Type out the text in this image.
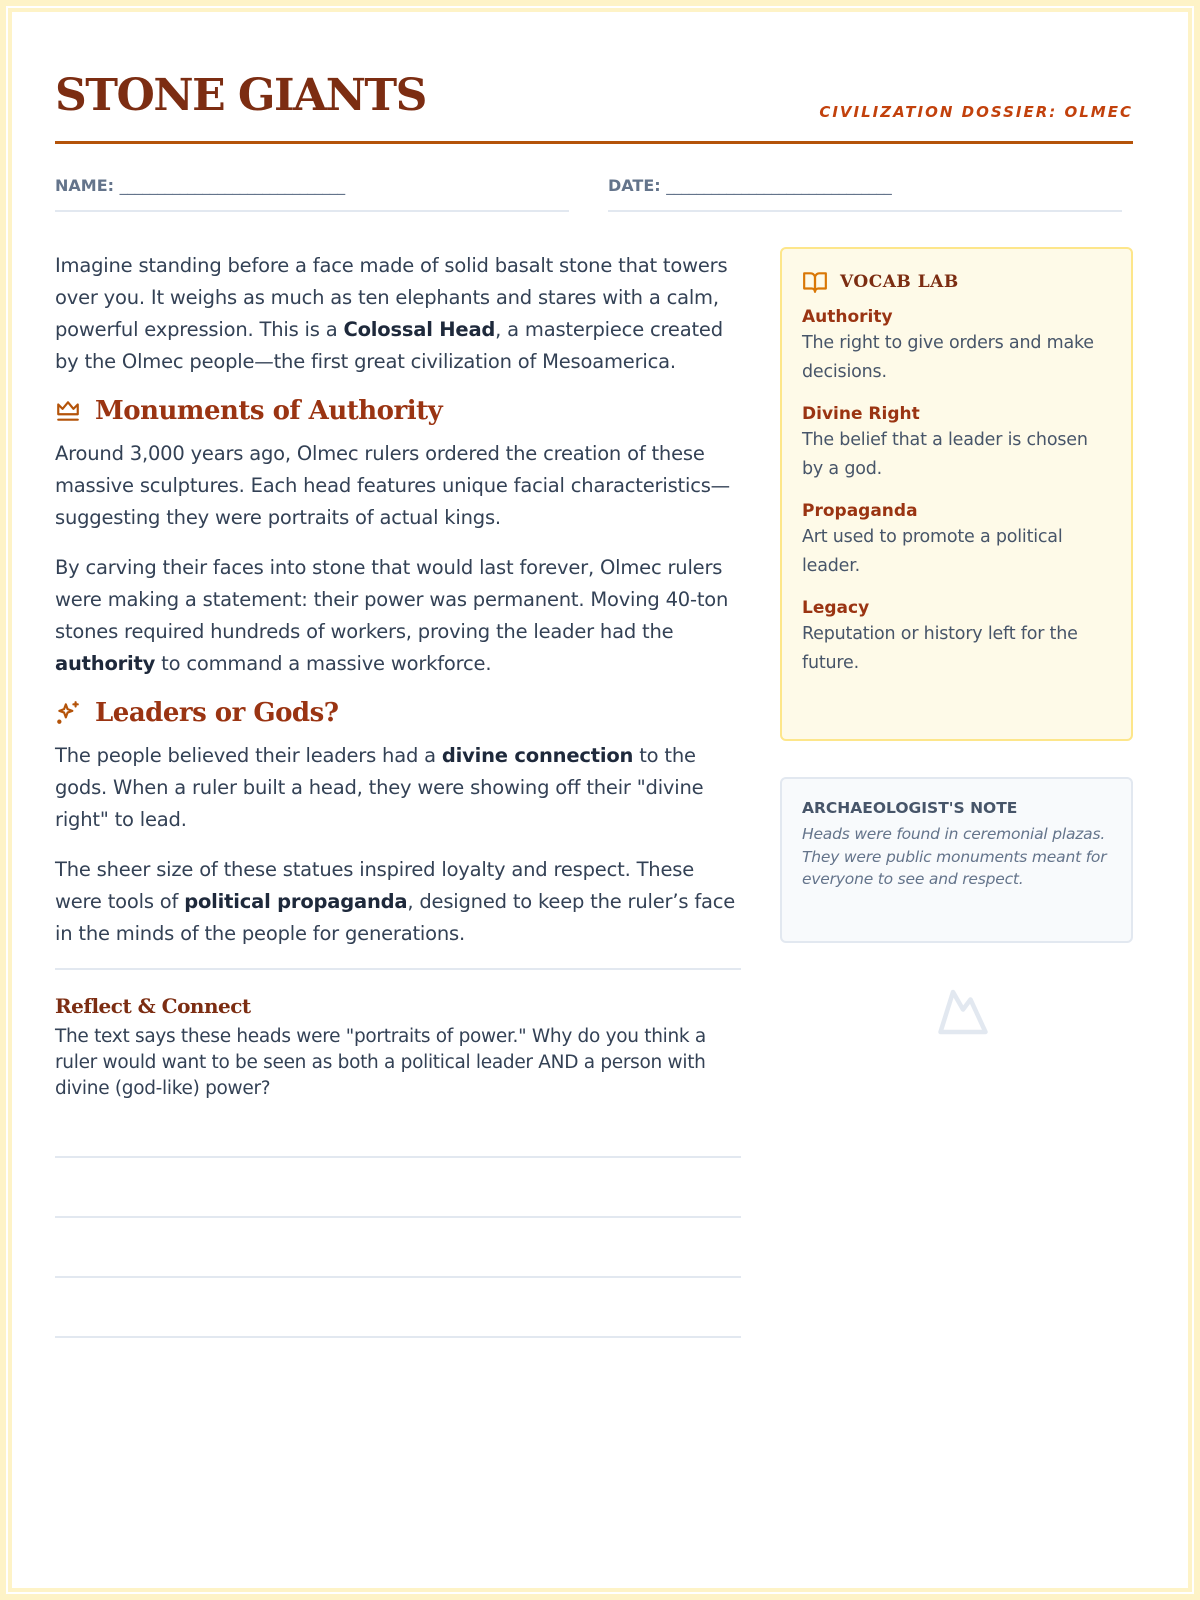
STONE GIANTS	CIVILIZATION DOSSIER: OLMEC
NAME: ______________________________	DATE: ______________________________

Imagine standing before a face made of solid basalt stone that towers over you. It weighs as much as ten elephants and stares with a calm, powerful expression. This is a Colossal Head, a masterpiece created by the Olmec people—the first great civilization of Mesoamerica.

Monuments of Authority

Around 3,000 years ago, Olmec rulers ordered the creation of these massive sculptures. Each head features unique facial characteristics—suggesting they were portraits of actual kings.

By carving their faces into stone that would last forever, Olmec rulers were making a statement: their power was permanent. Moving 40-ton stones required hundreds of workers, proving the leader had the authority to command a massive workforce.

Leaders or Gods?

The people believed their leaders had a divine connection to the gods. When a ruler built a head, they were showing off their "divine right" to lead.

The sheer size of these statues inspired loyalty and respect. These were tools of political propaganda, designed to keep the ruler’s face in the minds of the people for generations.

Reflect & Connect

The text says these heads were "portraits of power." Why do you think a ruler would want to be seen as both a political leader AND a person with divine (god-like) power?

VOCAB LAB
Authority
The right to give orders and make decisions.
Divine Right
The belief that a leader is chosen by a god.
Propaganda
Art used to promote a political leader.
Legacy
Reputation or history left for the future.
ARCHAEOLOGIST'S NOTE
Heads were found in ceremonial plazas. They were public monuments meant for everyone to see and respect.
